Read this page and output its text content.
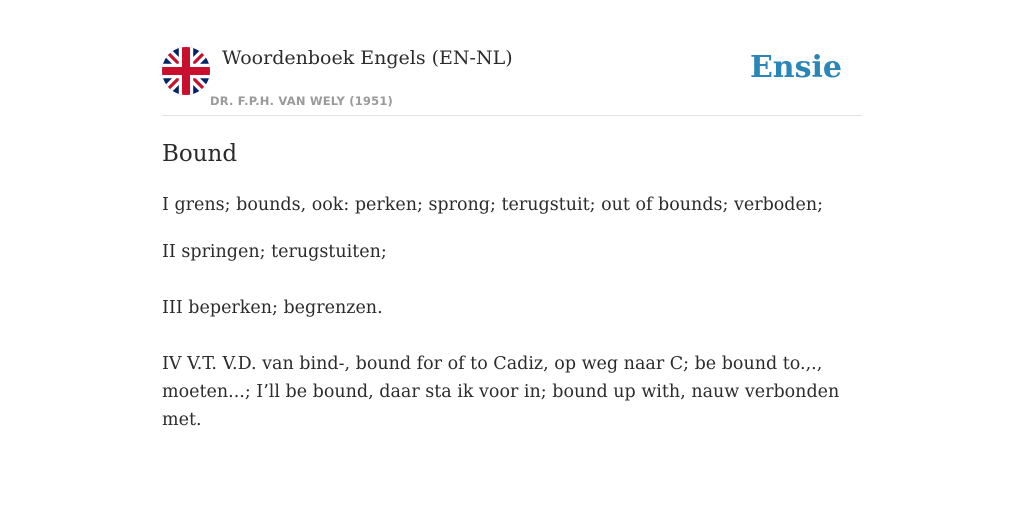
Woordenboek Engels (EN-NL)
DR. F.P.H. VAN WELY (1951)
Ensie
Bound

I grens; bounds, ook: perken; sprong; terugstuit; out of bounds; verboden;

II springen; terugstuiten;

III beperken; begrenzen.

IV V.T. V.D. van bind-, bound for of to Cadiz, op weg naar C; be bound to.,., moeten...; I’ll be bound, daar sta ik voor in; bound up with, nauw verbonden met.
